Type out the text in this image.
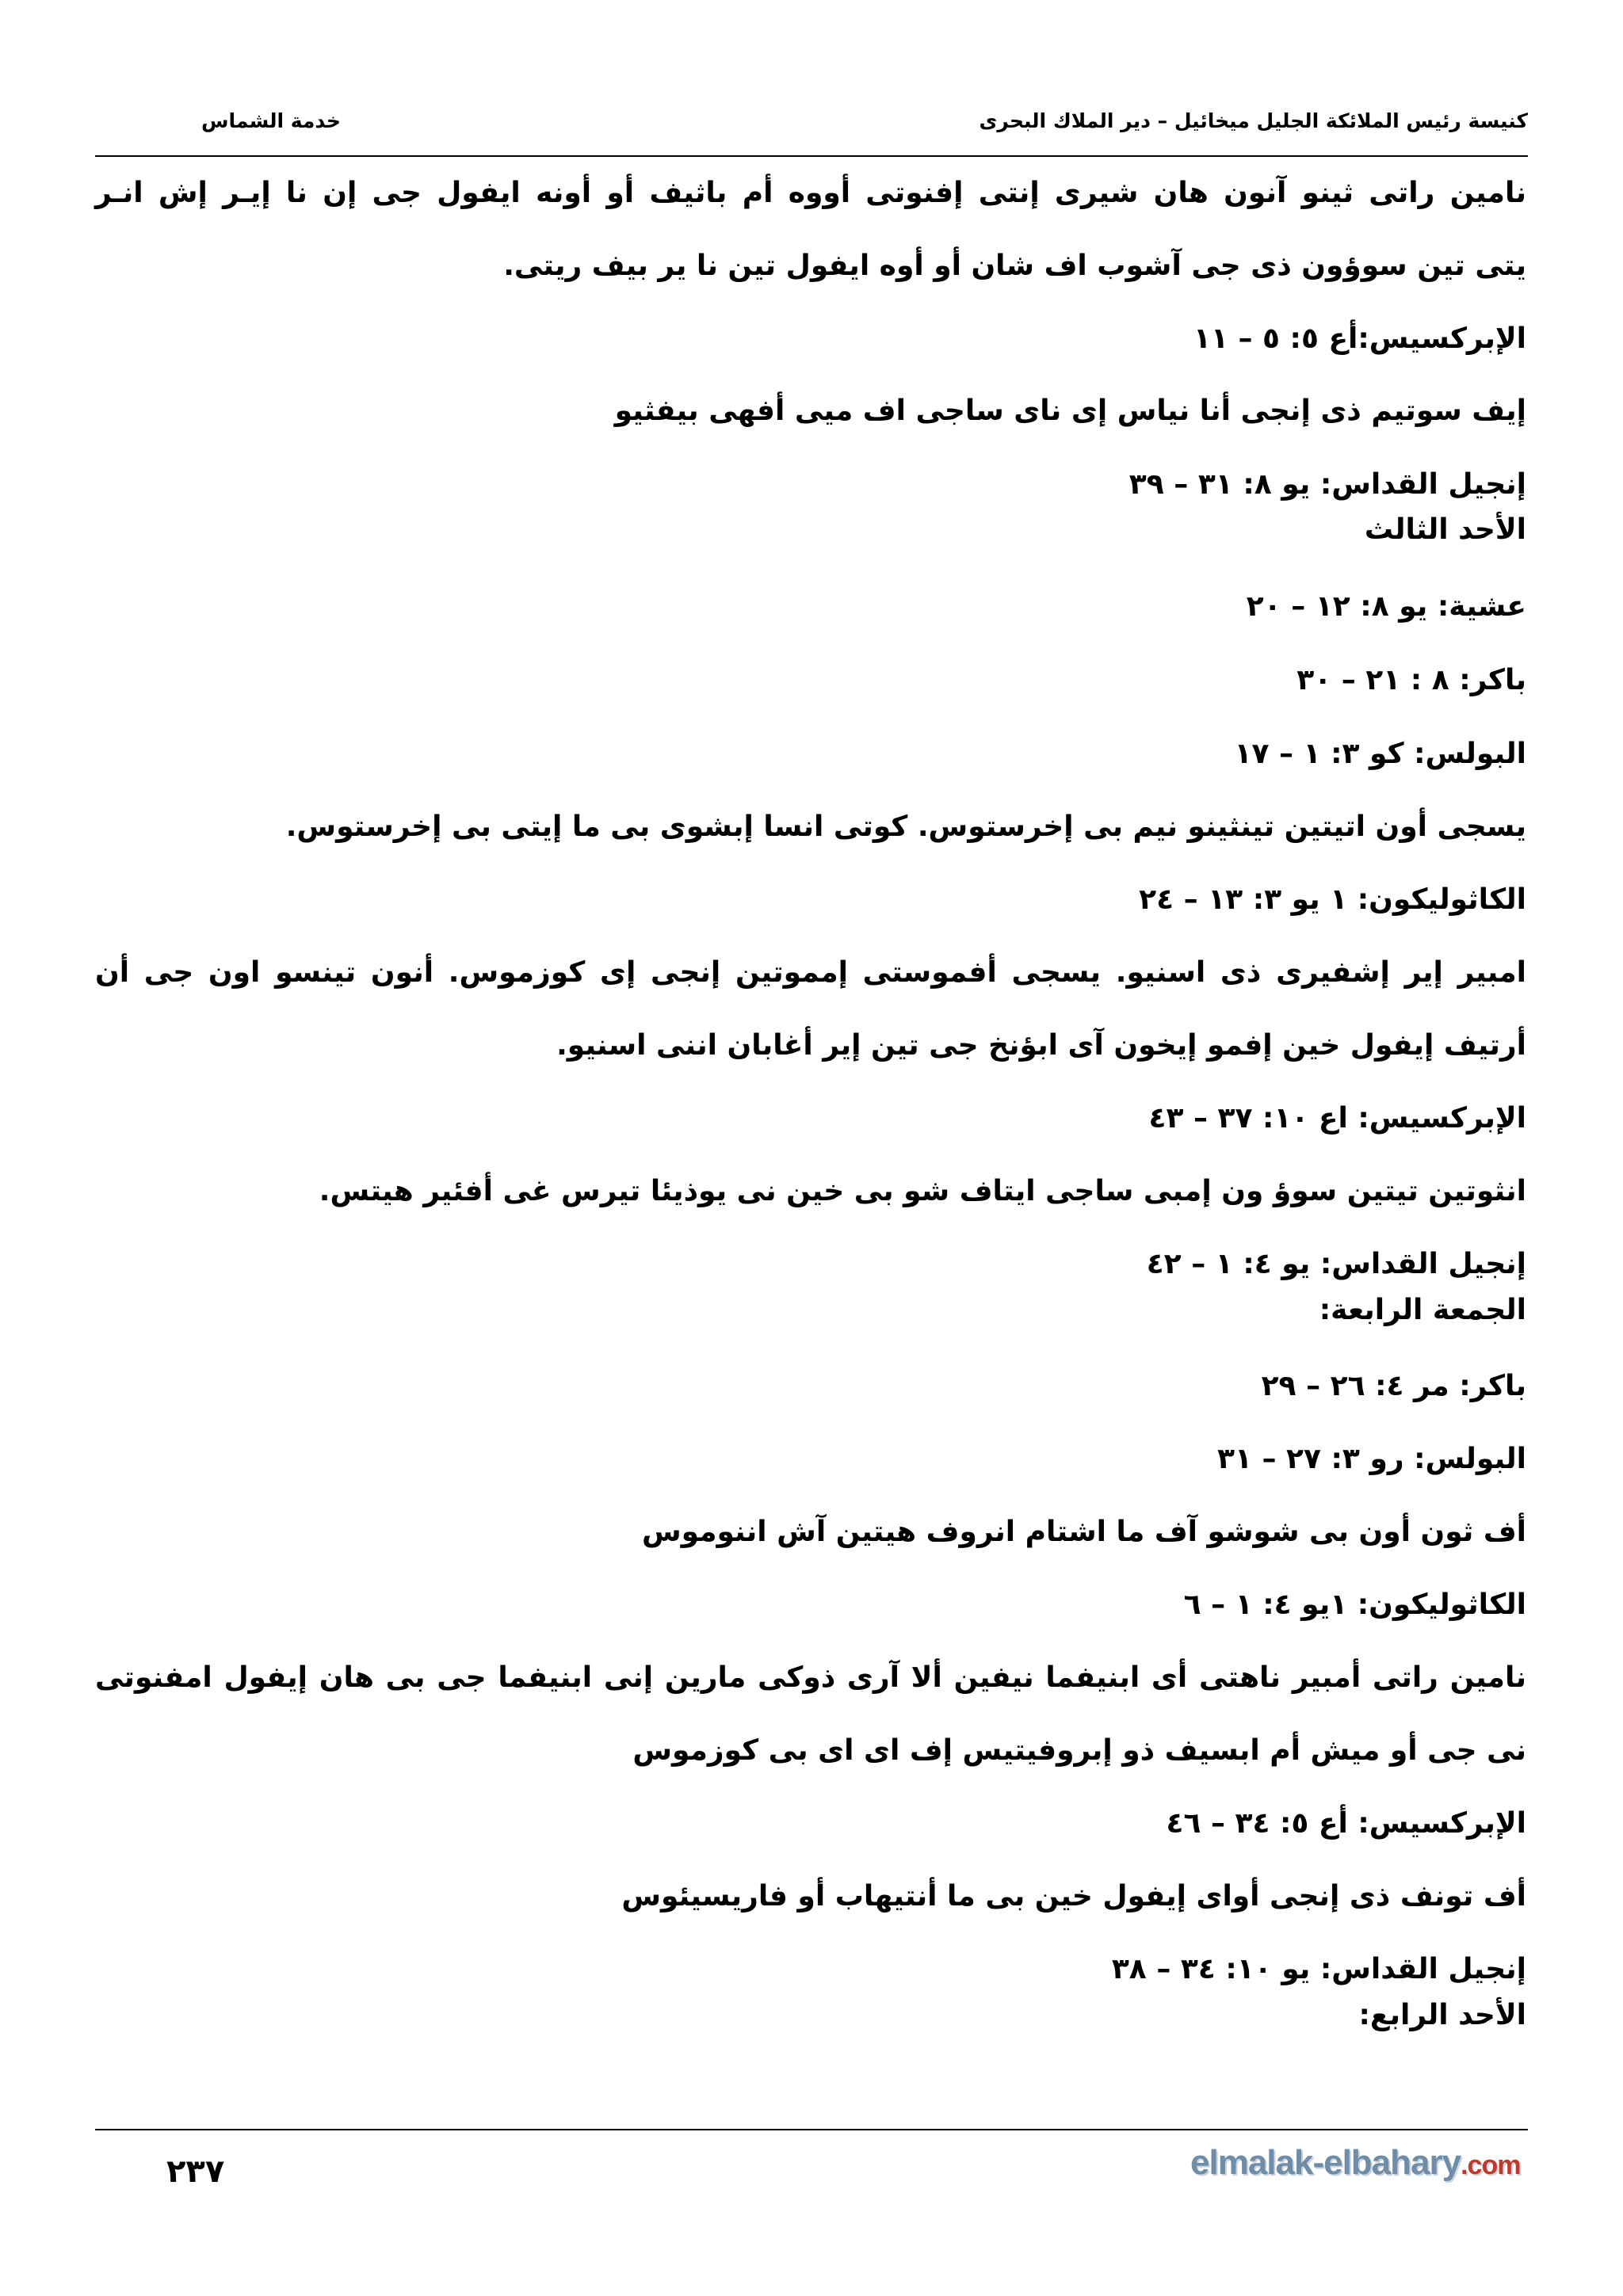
كنيسة رئيس الملائكة الجليل ميخائيل – دير الملاك البحرى
خدمة الشماس
نامين راتى ثينو آنون هان شيرى إنتى إفنوتى أووه أم باثيف أو أونه ايفول جى إن نا إيـر إش انـر
يتى تين سوؤون ذى جى آشوب اف شان أو أوه ايفول تين نا ير بيف ريتى.
الإبركسيس:أع ٥: ٥ – ١١
إيف سوتيم ذى إنجى أنا نياس إى ناى ساجى اف ميى أفهى بيفثيو
إنجيل القداس: يو ٨: ٣١ – ٣٩
الأحد الثالث
عشية: يو ٨: ١٢ – ٢٠
باكر: ٨ : ٢١ – ٣٠
البولس: كو ٣: ١ – ١٧
يسجى أون اتيتين تينثينو نيم بى إخرستوس. كوتى انسا إبشوى بى ما إيتى بى إخرستوس.
الكاثوليكون: ١ يو ٣: ١٣ – ٢٤
امبير إير إشفيرى ذى اسنيو. يسجى أفموستى إمموتين إنجى إى كوزموس. أنون تينسو اون جى أن
أرتيف إيفول خين إفمو إيخون آى ابؤنخ جى تين إير أغابان اننى اسنيو.
الإبركسيس: اع ١٠: ٣٧ – ٤٣
انثوتين تيتين سوؤ ون إمبى ساجى ايتاف شو بى خين نى يوذيئا تيرس غى أفئير هيتس.
إنجيل القداس: يو ٤: ١ – ٤٢
الجمعة الرابعة:
باكر: مر ٤: ٢٦ – ٢٩
البولس: رو ٣: ٢٧ – ٣١
أف ثون أون بى شوشو آف ما اشتام انروف هيتين آش اننوموس
الكاثوليكون: ١يو ٤: ١ – ٦
نامين راتى أمبير ناهتى أى ابنيفما نيفين ألا آرى ذوكى مارين إنى ابنيفما جى بى هان إيفول امفنوتى
نى جى أو ميش أم ابسيف ذو إبروفيتيس إف اى اى بى كوزموس
الإبركسيس: أع ٥: ٣٤ – ٤٦
أف تونف ذى إنجى أواى إيفول خين بى ما أنتيهاب أو فاريسيئوس
إنجيل القداس: يو ١٠: ٣٤ – ٣٨
الأحد الرابع:
٢٣٧	elmalak-elbahary.com
